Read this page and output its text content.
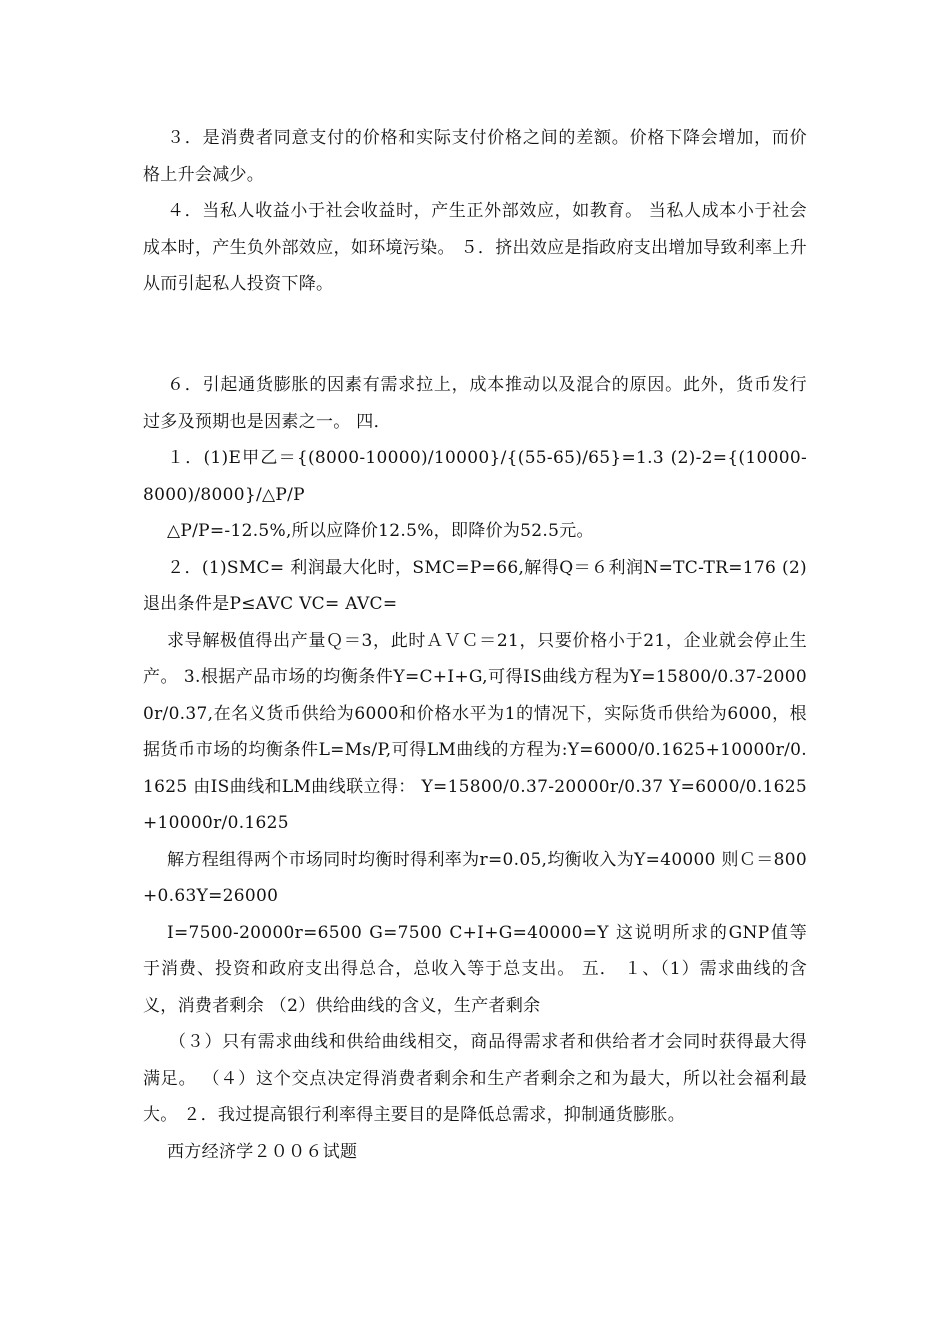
３．是消费者同意支付的价格和实际支付价格之间的差额。价格下降会增加，而价格上升会减少。

４．当私人收益小于社会收益时，产生正外部效应，如教育。 当私人成本小于社会成本时，产生负外部效应，如环境污染。 ５．挤出效应是指政府支出增加导致利率上升从而引起私人投资下降。

６．引起通货膨胀的因素有需求拉上，成本推动以及混合的原因。此外，货币发行过多及预期也是因素之一。 四．

１．(1)E甲乙＝{(8000-10000)/10000}/{(55-65)/65}=1.3 (2)-2={(10000-8000)/8000}/△P/P

△P/P=-12.5%,所以应降价12.5%，即降价为52.5元。

２．(1)SMC= 利润最大化时，SMC=P=66,解得Q＝６利润N=TC-TR=176 (2)退出条件是P≤AVC VC= AVC=

求导解极值得出产量Ｑ＝3，此时ＡＶＣ＝21，只要价格小于21，企业就会停止生产。 3.根据产品市场的均衡条件Y=C+I+G,可得IS曲线方程为Y=15800/0.37-20000r/0.37,在名义货币供给为6000和价格水平为1的情况下，实际货币供给为6000，根据货币市场的均衡条件L=Ms/P,可得LM曲线的方程为:Y=6000/0.1625+10000r/0.1625 由IS曲线和LM曲线联立得： Y=15800/0.37-20000r/0.37 Y=6000/0.1625+10000r/0.1625

解方程组得两个市场同时均衡时得利率为r=0.05,均衡收入为Y=40000 则Ｃ＝800+0.63Y=26000

I=7500-20000r=6500 G=7500 C+I+G=40000=Y 这说明所求的GNP值等于消费、投资和政府支出得总合，总收入等于总支出。 五． １、（1）需求曲线的含义，消费者剩余 （2）供给曲线的含义，生产者剩余

（３）只有需求曲线和供给曲线相交，商品得需求者和供给者才会同时获得最大得满足。 （４）这个交点决定得消费者剩余和生产者剩余之和为最大，所以社会福利最大。 ２．我过提高银行利率得主要目的是降低总需求，抑制通货膨胀。

西方经济学２００６试题
